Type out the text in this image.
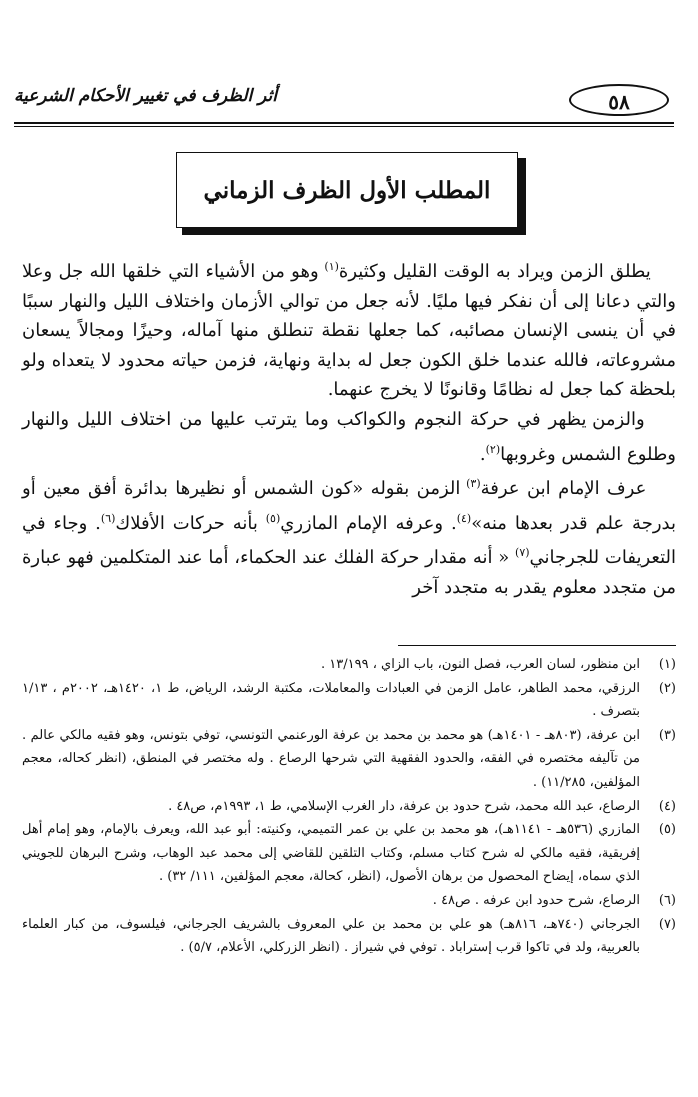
أثر الظرف في تغيير الأحكام الشرعية	٥٨
المطلب الأول الظرف الزماني

يطلق الزمن ويراد به الوقت القليل وكثيرة$^{(١)}$ وهو من الأشياء التي خلقها الله جل وعلا والتي دعانا إلى أن نفكر فيها مليًا. لأنه جعل من توالي الأزمان واختلاف الليل والنهار سببًا في أن ينسى الإنسان مصائبه، كما جعلها نقطة تنطلق منها آماله، وحيزًا ومجالاً يسعان مشروعاته، فالله عندما خلق الكون جعل له بداية ونهاية، فزمن حياته محدود لا يتعداه ولو بلحظة كما جعل له نظامًا وقانونًا لا يخرج عنهما.

والزمن يظهر في حركة النجوم والكواكب وما يترتب عليها من اختلاف الليل والنهار وطلوع الشمس وغروبها$^{(٢)}$.

عرف الإمام ابن عرفة$^{(٣)}$ الزمن بقوله «كون الشمس أو نظيرها بدائرة أفق معين أو بدرجة علم قدر بعدها منه»$^{(٤)}$. وعرفه الإمام المازري$^{(٥)}$ بأنه حركات الأفلاك$^{(٦)}$. وجاء في التعريفات للجرجاني$^{(٧)}$ « أنه مقدار حركة الفلك عند الحكماء، أما عند المتكلمين فهو عبارة من متجدد معلوم يقدر به متجدد آخر

(١)
ابن منظور، لسان العرب، فصل النون، باب الزاي ، ١٣/١٩٩ .
(٢)
الرزقي، محمد الطاهر، عامل الزمن في العبادات والمعاملات، مكتبة الرشد، الرياض، ط ١، ١٤٢٠هـ، ٢٠٠٢م ، ١/١٣ بتصرف .
(٣)
ابن عرفة، (٨٠٣هـ - ١٤٠١هـ) هو محمد بن محمد بن عرفة الورعنمي التونسي، توفي بتونس، وهو فقيه مالكي عالم . من تآليفه مختصره في الفقه، والحدود الفقهية التي شرحها الرصاع . وله مختصر في المنطق، (انظر كحاله، معجم المؤلفين، ١١/٢٨٥) .
(٤)
الرصاع، عبد الله محمد، شرح حدود بن عرفة، دار الغرب الإسلامي، ط ١، ١٩٩٣م، ص٤٨ .
(٥)
المازري (٥٣٦هـ - ١١٤١هـ)، هو محمد بن علي بن عمر التميمي، وكنيته: أبو عبد الله، ويعرف بالإمام، وهو إمام أهل إفريقية، فقيه مالكي له شرح كتاب مسلم، وكتاب التلقين للقاضي إلى محمد عبد الوهاب، وشرح البرهان للجويني الذي سماه، إيضاح المحصول من برهان الأصول، (انظر، كحالة، معجم المؤلفين، ١١١/ ٣٢) .
(٦)
الرصاع، شرح حدود ابن عرفه . ص٤٨ .
(٧)
الجرجاني (٧٤٠هـ، ٨١٦هـ) هو علي بن محمد بن علي المعروف بالشريف الجرجاني، فيلسوف، من كبار العلماء بالعربية، ولد في تاكوا قرب إستراباد . توفي في شيراز . (انظر الزركلي، الأعلام، ٥/٧) .
